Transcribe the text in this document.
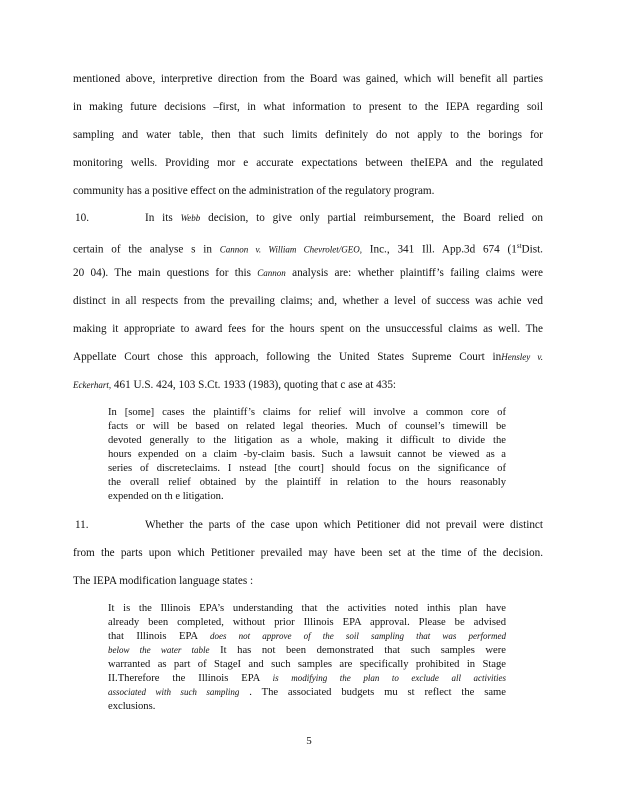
mentioned above, interpretive direction from the Board was gained, which will benefit all parties
in making future decisions –first, in what information to present to the IEPA regarding soil
sampling and water table, then that such limits definitely do not apply to the borings for
monitoring wells. Providing mor e accurate expectations between theIEPA and the regulated
community has a positive effect on the administration of the regulatory program.
10.	In its Webb decision, to give only partial reimbursement, the Board relied on
certain of the analyse s in Cannon v. William Chevrolet/GEO, Inc., 341 Ill. App.3d 674 (1stDist.
20 04). The main questions for this Cannon analysis are: whether plaintiff’s failing claims were
distinct in all respects from the prevailing claims; and, whether a level of success was achie ved
making it appropriate to award fees for the hours spent on the unsuccessful claims as well. The
Appellate Court chose this approach, following the United States Supreme Court inHensley v.
Eckerhart, 461 U.S. 424, 103 S.Ct. 1933 (1983), quoting that c ase at 435:
In [some] cases the plaintiff’s claims for relief will involve a common core of
facts or will be based on related legal theories. Much of counsel’s timewill be
devoted generally to the litigation as a whole, making it difficult to divide the
hours expended on a claim -by-claim basis. Such a lawsuit cannot be viewed as a
series of discreteclaims. I nstead [the court] should focus on the significance of
the overall relief obtained by the plaintiff in relation to the hours reasonably
expended on th e litigation.
11.	Whether the parts of the case upon which Petitioner did not prevail were distinct
from the parts upon which Petitioner prevailed may have been set at the time of the decision.
The IEPA modification language states :
It is the Illinois EPA’s understanding that the activities noted inthis plan have
already been completed, without prior Illinois EPA approval. Please be advised
that Illinois EPA does not approve of the soil sampling that was performed
below the water table It has not been demonstrated that such samples were
warranted as part of StageI and such samples are specifically prohibited in Stage
II.Therefore the Illinois EPA is modifying the plan to exclude all activities
associated with such sampling . The associated budgets mu st reflect the same
exclusions.
5
